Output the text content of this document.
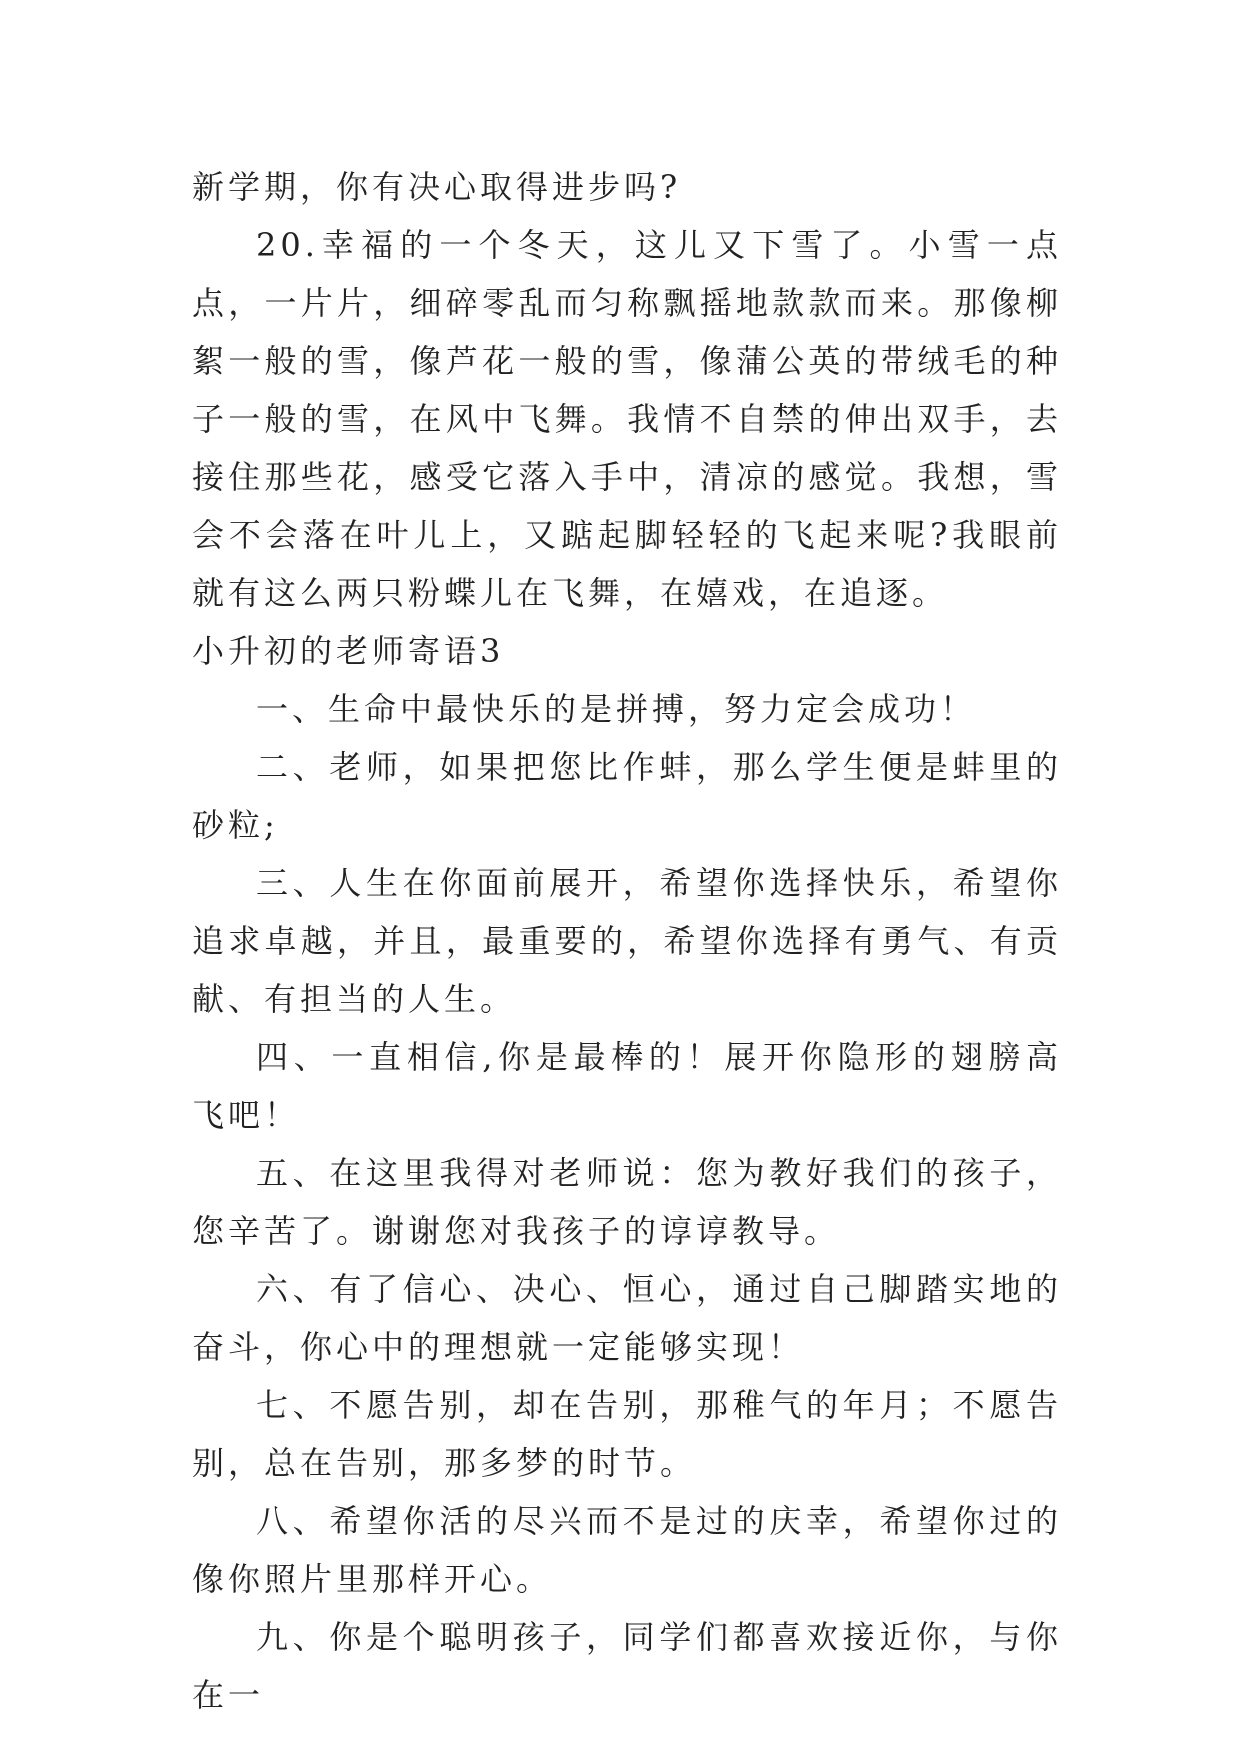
新学期，你有决心取得进步吗?

20.幸福的一个冬天，这儿又下雪了。小雪一点点，一片片，细碎零乱而匀称飘摇地款款而来。那像柳絮一般的雪，像芦花一般的雪，像蒲公英的带绒毛的种子一般的雪，在风中飞舞。我情不自禁的伸出双手，去接住那些花，感受它落入手中，清凉的感觉。我想，雪会不会落在叶儿上，又踮起脚轻轻的飞起来呢?我眼前就有这么两只粉蝶儿在飞舞，在嬉戏，在追逐。

小升初的老师寄语3

一、生命中最快乐的是拼搏，努力定会成功！

二、老师，如果把您比作蚌，那么学生便是蚌里的砂粒;

三、人生在你面前展开，希望你选择快乐，希望你追求卓越，并且，最重要的，希望你选择有勇气、有贡献、有担当的人生。

四、一直相信,你是最棒的！展开你隐形的翅膀高飞吧！

五、在这里我得对老师说：您为教好我们的孩子，您辛苦了。谢谢您对我孩子的谆谆教导。

六、有了信心、决心、恒心，通过自己脚踏实地的奋斗，你心中的理想就一定能够实现！

七、不愿告别，却在告别，那稚气的年月；不愿告别，总在告别，那多梦的时节。

八、希望你活的尽兴而不是过的庆幸，希望你过的像你照片里那样开心。

九、你是个聪明孩子，同学们都喜欢接近你，与你在一
